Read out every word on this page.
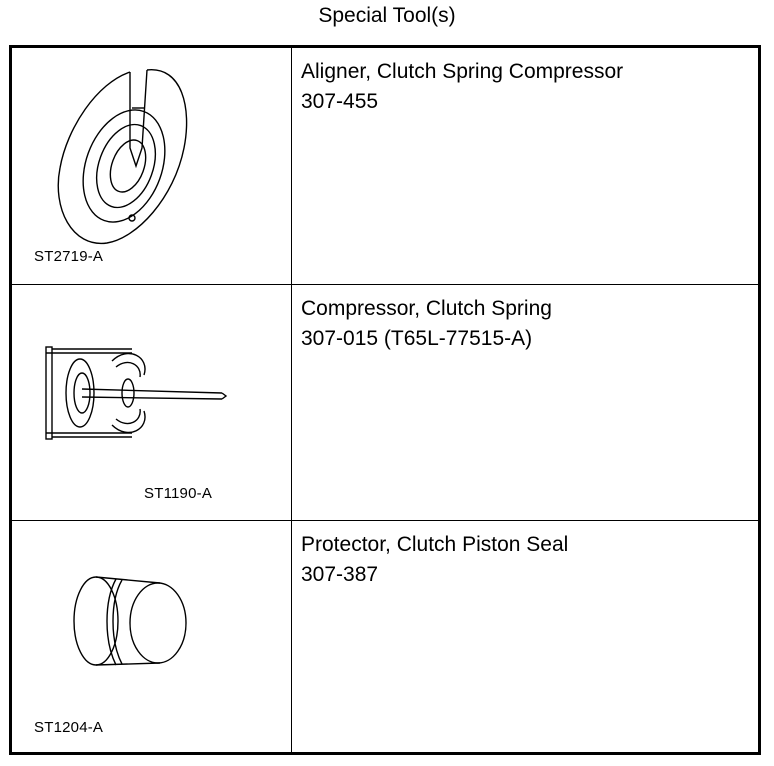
Special Tool(s)
ST2719-A
Aligner, Clutch Spring Compressor
307-455
ST1190-A
Compressor, Clutch Spring
307-015 (T65L-77515-A)
ST1204-A
Protector, Clutch Piston Seal
307-387
